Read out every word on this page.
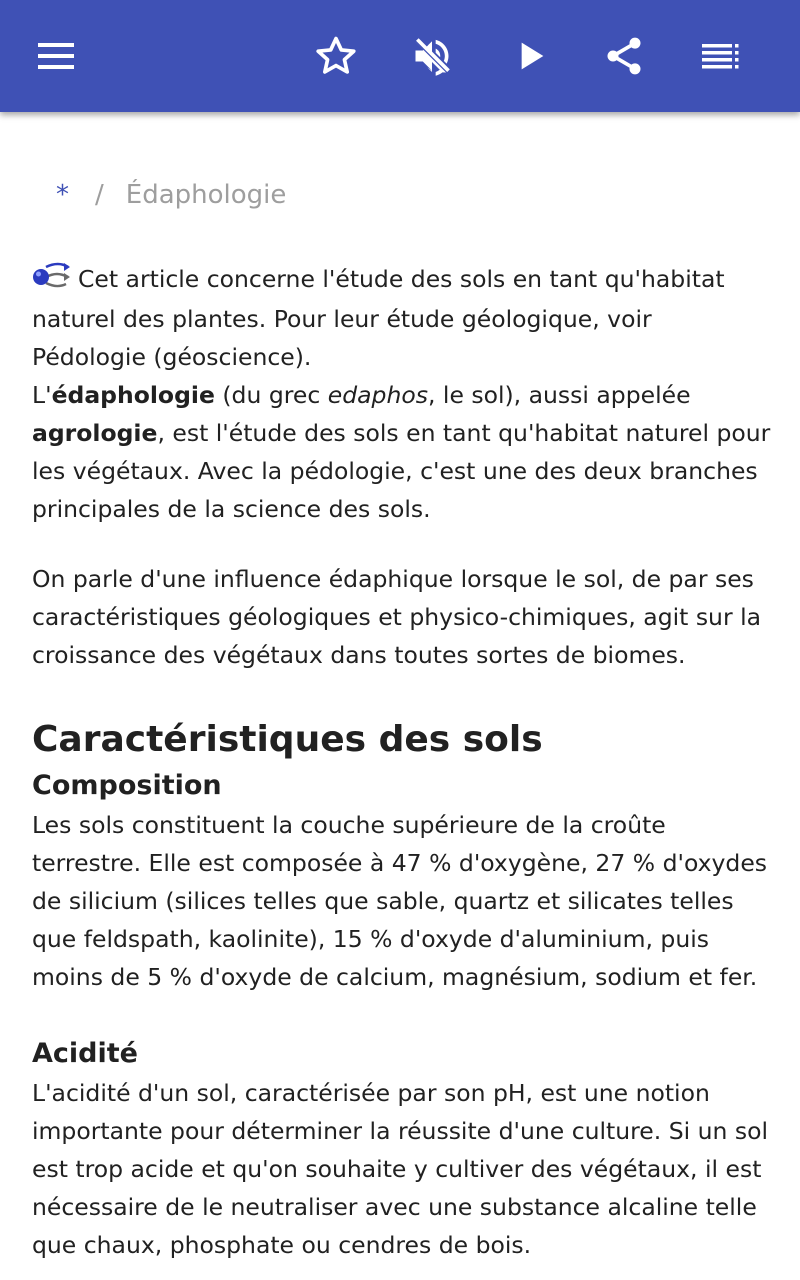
* / Édaphologie

Cet article concerne l'étude des sols en tant qu'habitat naturel des plantes. Pour leur étude géologique, voir Pédologie (géoscience).

L'édaphologie (du grec edaphos, le sol), aussi appelée agrologie, est l'étude des sols en tant qu'habitat naturel pour les végétaux. Avec la pédologie, c'est une des deux branches principales de la science des sols.

On parle d'une influence édaphique lorsque le sol, de par ses caractéristiques géologiques et physico-chimiques, agit sur la croissance des végétaux dans toutes sortes de biomes.

Caractéristiques des sols
Composition

Les sols constituent la couche supérieure de la croûte terrestre. Elle est composée à 47 % d'oxygène, 27 % d'oxydes de silicium (silices telles que sable, quartz et silicates telles que feldspath, kaolinite), 15 % d'oxyde d'aluminium, puis moins de 5 % d'oxyde de calcium, magnésium, sodium et fer.

Acidité

L'acidité d'un sol, caractérisée par son pH, est une notion importante pour déterminer la réussite d'une culture. Si un sol est trop acide et qu'on souhaite y cultiver des végétaux, il est nécessaire de le neutraliser avec une substance alcaline telle que chaux, phosphate ou cendres de bois.
